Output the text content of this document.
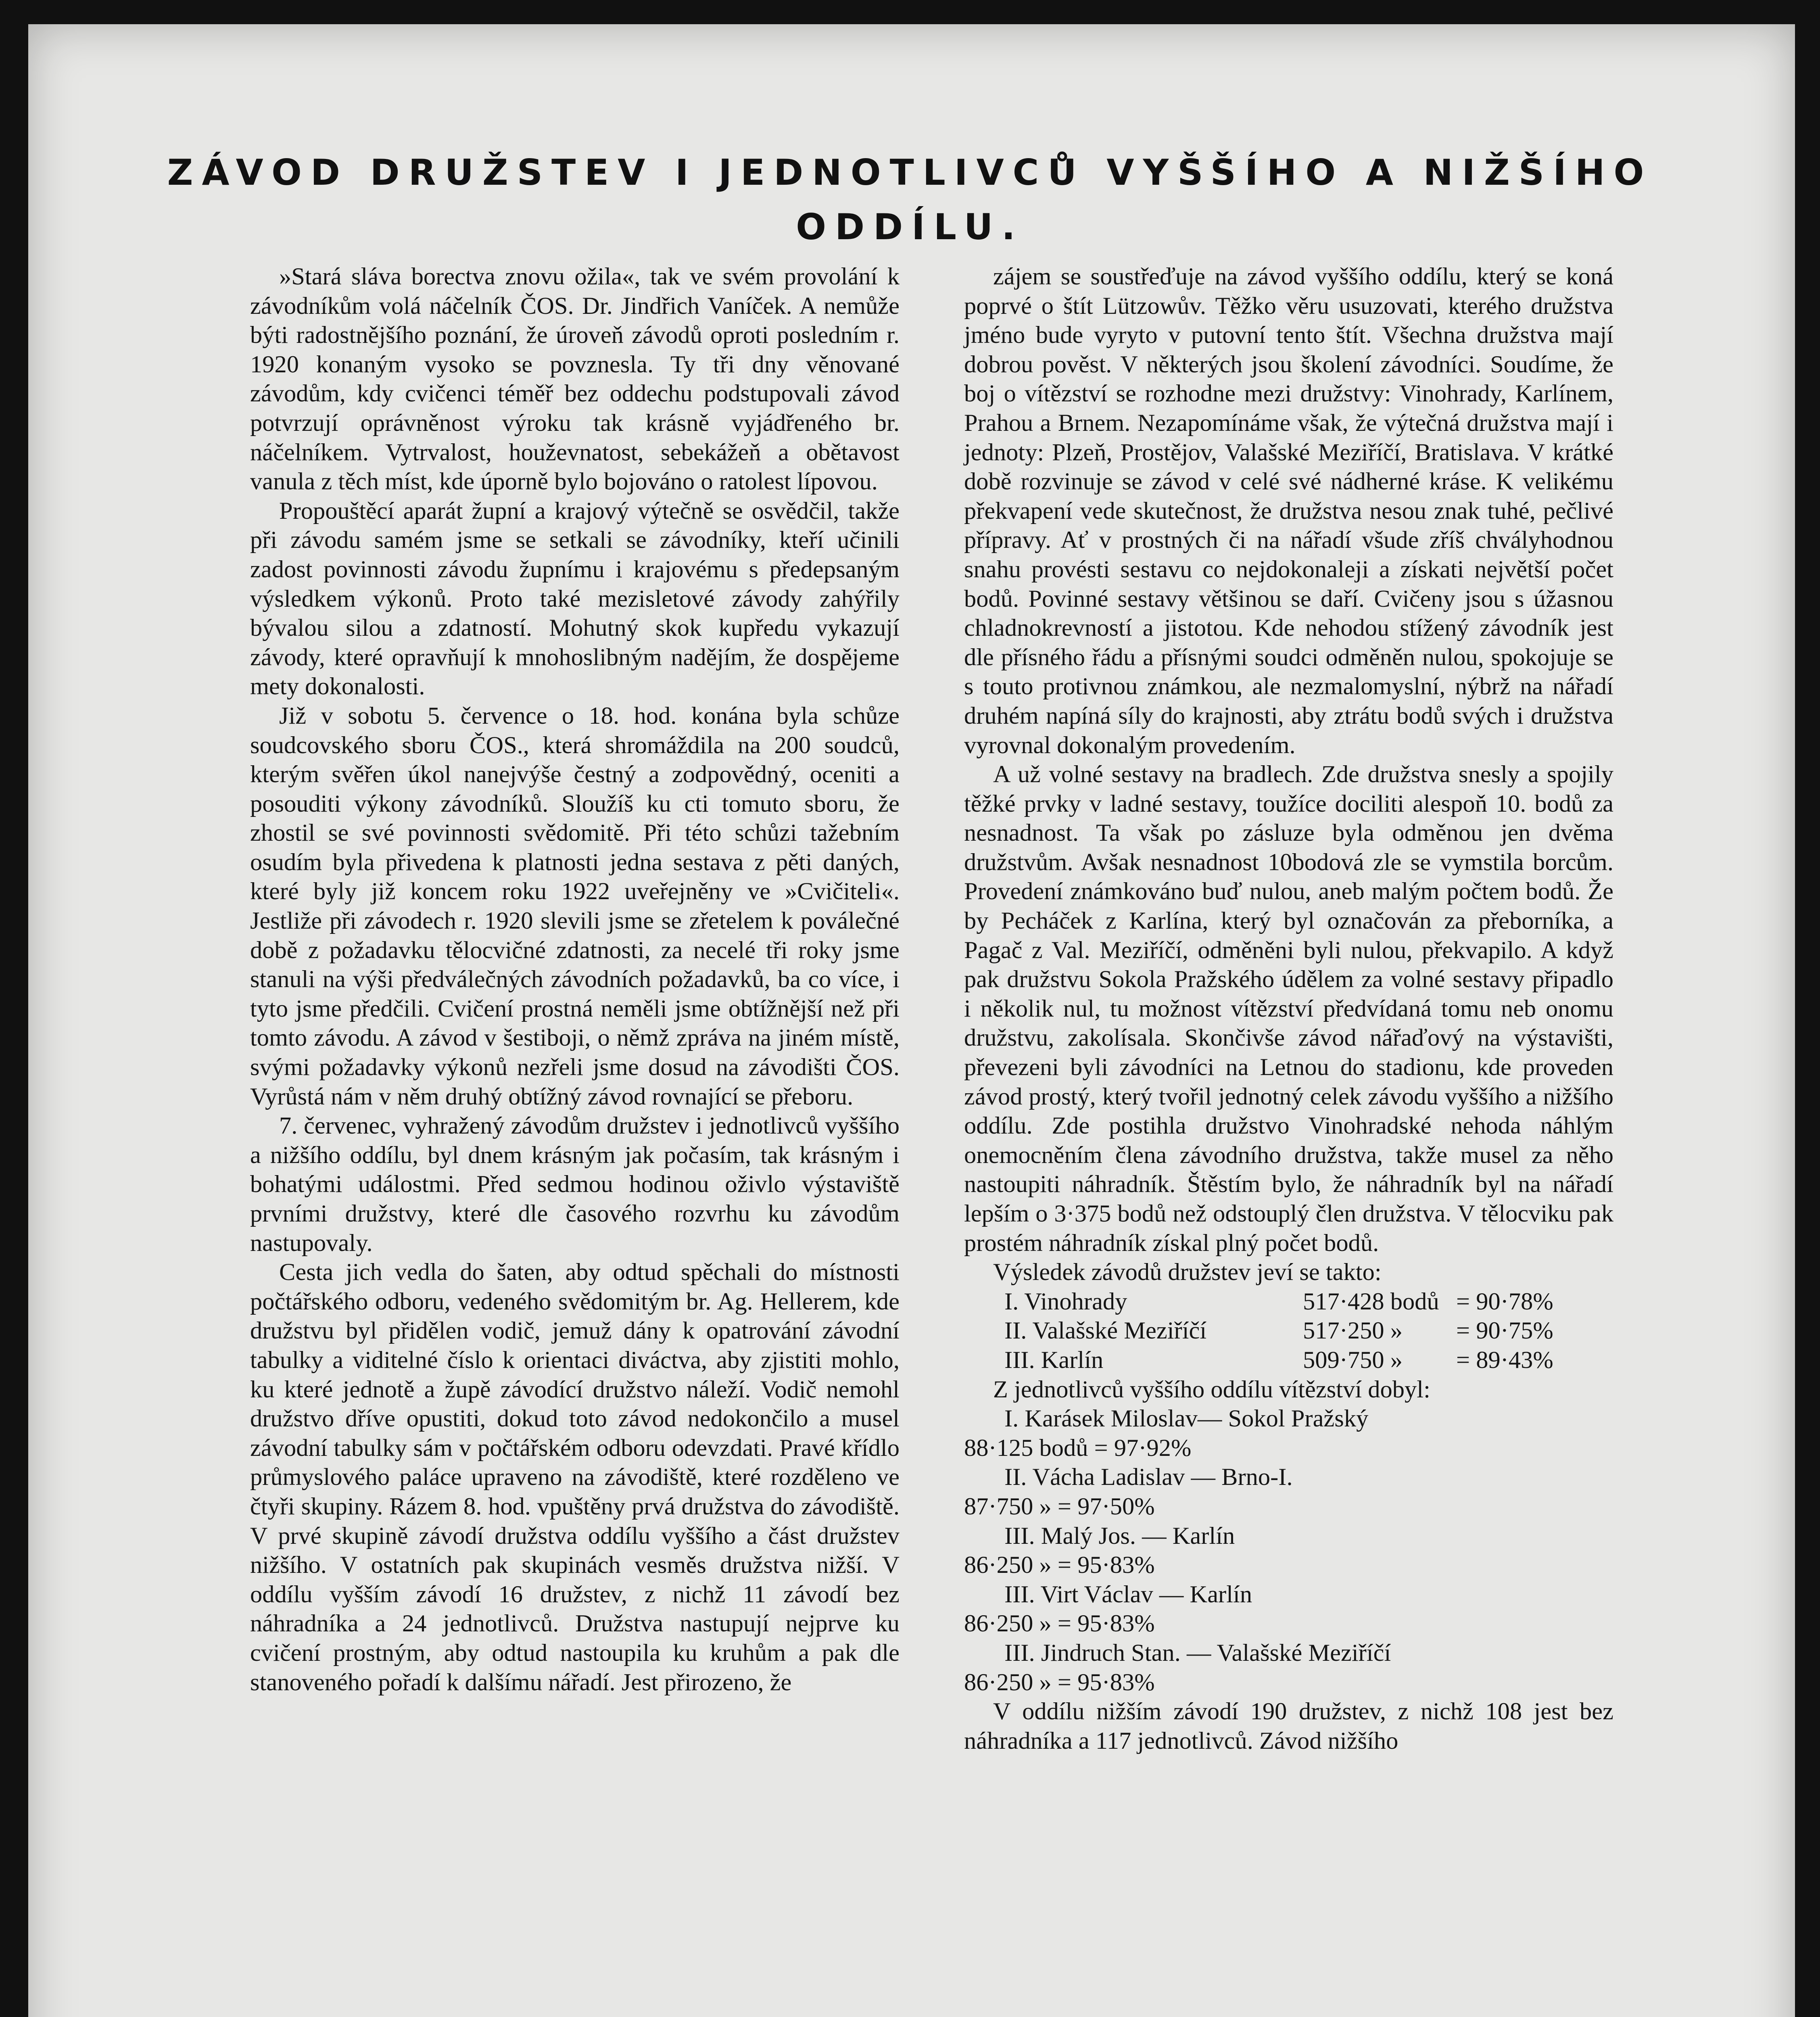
ZÁVOD DRUŽSTEV I JEDNOTLIVCŮ VYŠŠÍHO A NIŽŠÍHO
ODDÍLU.

»Stará sláva borectva znovu ožila«, tak ve svém provolání k závodníkům volá náčelník ČOS. Dr. Jindřich Vaníček. A nemůže býti radostnějšího poznání, že úroveň závodů oproti posledním r. 1920 konaným vysoko se povznesla. Ty tři dny věnované závodům, kdy cvičenci téměř bez oddechu podstupovali závod potvrzují oprávněnost výroku tak krásně vyjádřeného br. náčelníkem. Vytrvalost, houževnatost, sebekážeň a obětavost vanula z těch míst, kde úporně bylo bojováno o ratolest lípovou.

Propouštěcí aparát župní a krajový výtečně se osvědčil, takže při závodu samém jsme se setkali se závodníky, kteří učinili zadost povinnosti závodu župnímu i krajovému s předepsaným výsledkem výkonů. Proto také mezisletové závody zahýřily bývalou silou a zdatností. Mohutný skok kupředu vykazují závody, které opravňují k mnohoslibným nadějím, že dospějeme mety dokonalosti.

Již v sobotu 5. července o 18. hod. konána byla schůze soudcovského sboru ČOS., která shromáždila na 200 soudců, kterým svěřen úkol nanejvýše čestný a zodpovědný, oceniti a posouditi výkony závodníků. Sloužíš ku cti tomuto sboru, že zhostil se své povinnosti svědomitě. Při této schůzi tažebním osudím byla přivedena k platnosti jedna sestava z pěti daných, které byly již koncem roku 1922 uveřejněny ve »Cvičiteli«. Jestliže při závodech r. 1920 slevili jsme se zřetelem k poválečné době z požadavku tělocvičné zdatnosti, za necelé tři roky jsme stanuli na výši předválečných závodních požadavků, ba co více, i tyto jsme předčili. Cvičení prostná neměli jsme obtížnější než při tomto závodu. A závod v šestiboji, o němž zpráva na jiném místě, svými požadavky výkonů nezřeli jsme dosud na závodišti ČOS. Vyrůstá nám v něm druhý obtížný závod rovnající se přeboru.

7. červenec, vyhražený závodům družstev i jednotlivců vyššího a nižšího oddílu, byl dnem krásným jak počasím, tak krásným i bohatými událostmi. Před sedmou hodinou oživlo výstaviště prvními družstvy, které dle časového rozvrhu ku závodům nastupovaly.

Cesta jich vedla do šaten, aby odtud spěchali do místnosti počtářského odboru, vedeného svědomitým br. Ag. Hellerem, kde družstvu byl přidělen vodič, jemuž dány k opatrování závodní tabulky a viditelné číslo k orientaci diváctva, aby zjistiti mohlo, ku které jednotě a župě závodící družstvo náleží. Vodič nemohl družstvo dříve opustiti, dokud toto závod nedokončilo a musel závodní tabulky sám v počtářském odboru odevzdati. Pravé křídlo průmyslového paláce upraveno na závodiště, které rozděleno ve čtyři skupiny. Rázem 8. hod. vpuštěny prvá družstva do závodiště. V prvé skupině závodí družstva oddílu vyššího a část družstev nižšího. V ostatních pak skupinách vesměs družstva nižší. V oddílu vyšším závodí 16 družstev, z nichž 11 závodí bez náhradníka a 24 jednotlivců. Družstva nastupují nejprve ku cvičení prostným, aby odtud nastoupila ku kruhům a pak dle stanoveného pořadí k dalšímu nářadí. Jest přirozeno, že

zájem se soustřeďuje na závod vyššího oddílu, který se koná poprvé o štít Lützowův. Těžko věru usuzovati, kterého družstva jméno bude vyryto v putovní tento štít. Všechna družstva mají dobrou pověst. V některých jsou školení závodníci. Soudíme, že boj o vítězství se rozhodne mezi družstvy: Vinohrady, Karlínem, Prahou a Brnem. Nezapomínáme však, že výtečná družstva mají i jednoty: Plzeň, Prostějov, Valašské Meziříčí, Bratislava. V krátké době rozvinuje se závod v celé své nádherné kráse. K velikému překvapení vede skutečnost, že družstva nesou znak tuhé, pečlivé přípravy. Ať v prostných či na nářadí všude zříš chvályhodnou snahu provésti sestavu co nejdokonaleji a získati největší počet bodů. Povinné sestavy většinou se daří. Cvičeny jsou s úžasnou chladnokrevností a jistotou. Kde nehodou stížený závodník jest dle přísného řádu a přísnými soudci odměněn nulou, spokojuje se s touto protivnou známkou, ale nezmalomyslní, nýbrž na nářadí druhém napíná síly do krajnosti, aby ztrátu bodů svých i družstva vyrovnal dokonalým provedením.

A už volné sestavy na bradlech. Zde družstva snesly a spojily těžké prvky v ladné sestavy, toužíce dociliti alespoň 10. bodů za nesnadnost. Ta však po zásluze byla odměnou jen dvěma družstvům. Avšak nesnadnost 10bodová zle se vymstila borcům. Provedení známkováno buď nulou, aneb malým počtem bodů. Že by Pecháček z Karlína, který byl označován za přeborníka, a Pagač z Val. Meziříčí, odměněni byli nulou, překvapilo. A když pak družstvu Sokola Pražského údělem za volné sestavy připadlo i několik nul, tu možnost vítězství předvídaná tomu neb onomu družstvu, zakolísala. Skončivše závod nářaďový na výstavišti, převezeni byli závodníci na Letnou do stadionu, kde proveden závod prostý, který tvořil jednotný celek závodu vyššího a nižšího oddílu. Zde postihla družstvo Vinohradské nehoda náhlým onemocněním člena závodního družstva, takže musel za něho nastoupiti náhradník. Štěstím bylo, že náhradník byl na nářadí lepším o 3·375 bodů než odstouplý člen družstva. V tělocviku pak prostém náhradník získal plný počet bodů.

Výsledek závodů družstev jeví se takto:

I. Vinohrady	517·428 bodů = 90·78%
II. Valašské Meziříčí	517·250 »	= 90·75%
III. Karlín	509·750 »	= 89·43%

Z jednotlivců vyššího oddílu vítězství dobyl:

I. Karásek Miloslav— Sokol Pražský
88·125 bodů = 97·92%
II. Vácha Ladislav — Brno-I.
87·750 » = 97·50%
III. Malý Jos. — Karlín
86·250 » = 95·83%
III. Virt Václav — Karlín
86·250 » = 95·83%
III. Jindruch Stan. — Valašské Meziříčí
86·250 » = 95·83%

V oddílu nižším závodí 190 družstev, z nichž 108 jest bez náhradníka a 117 jednotlivců. Závod nižšího
